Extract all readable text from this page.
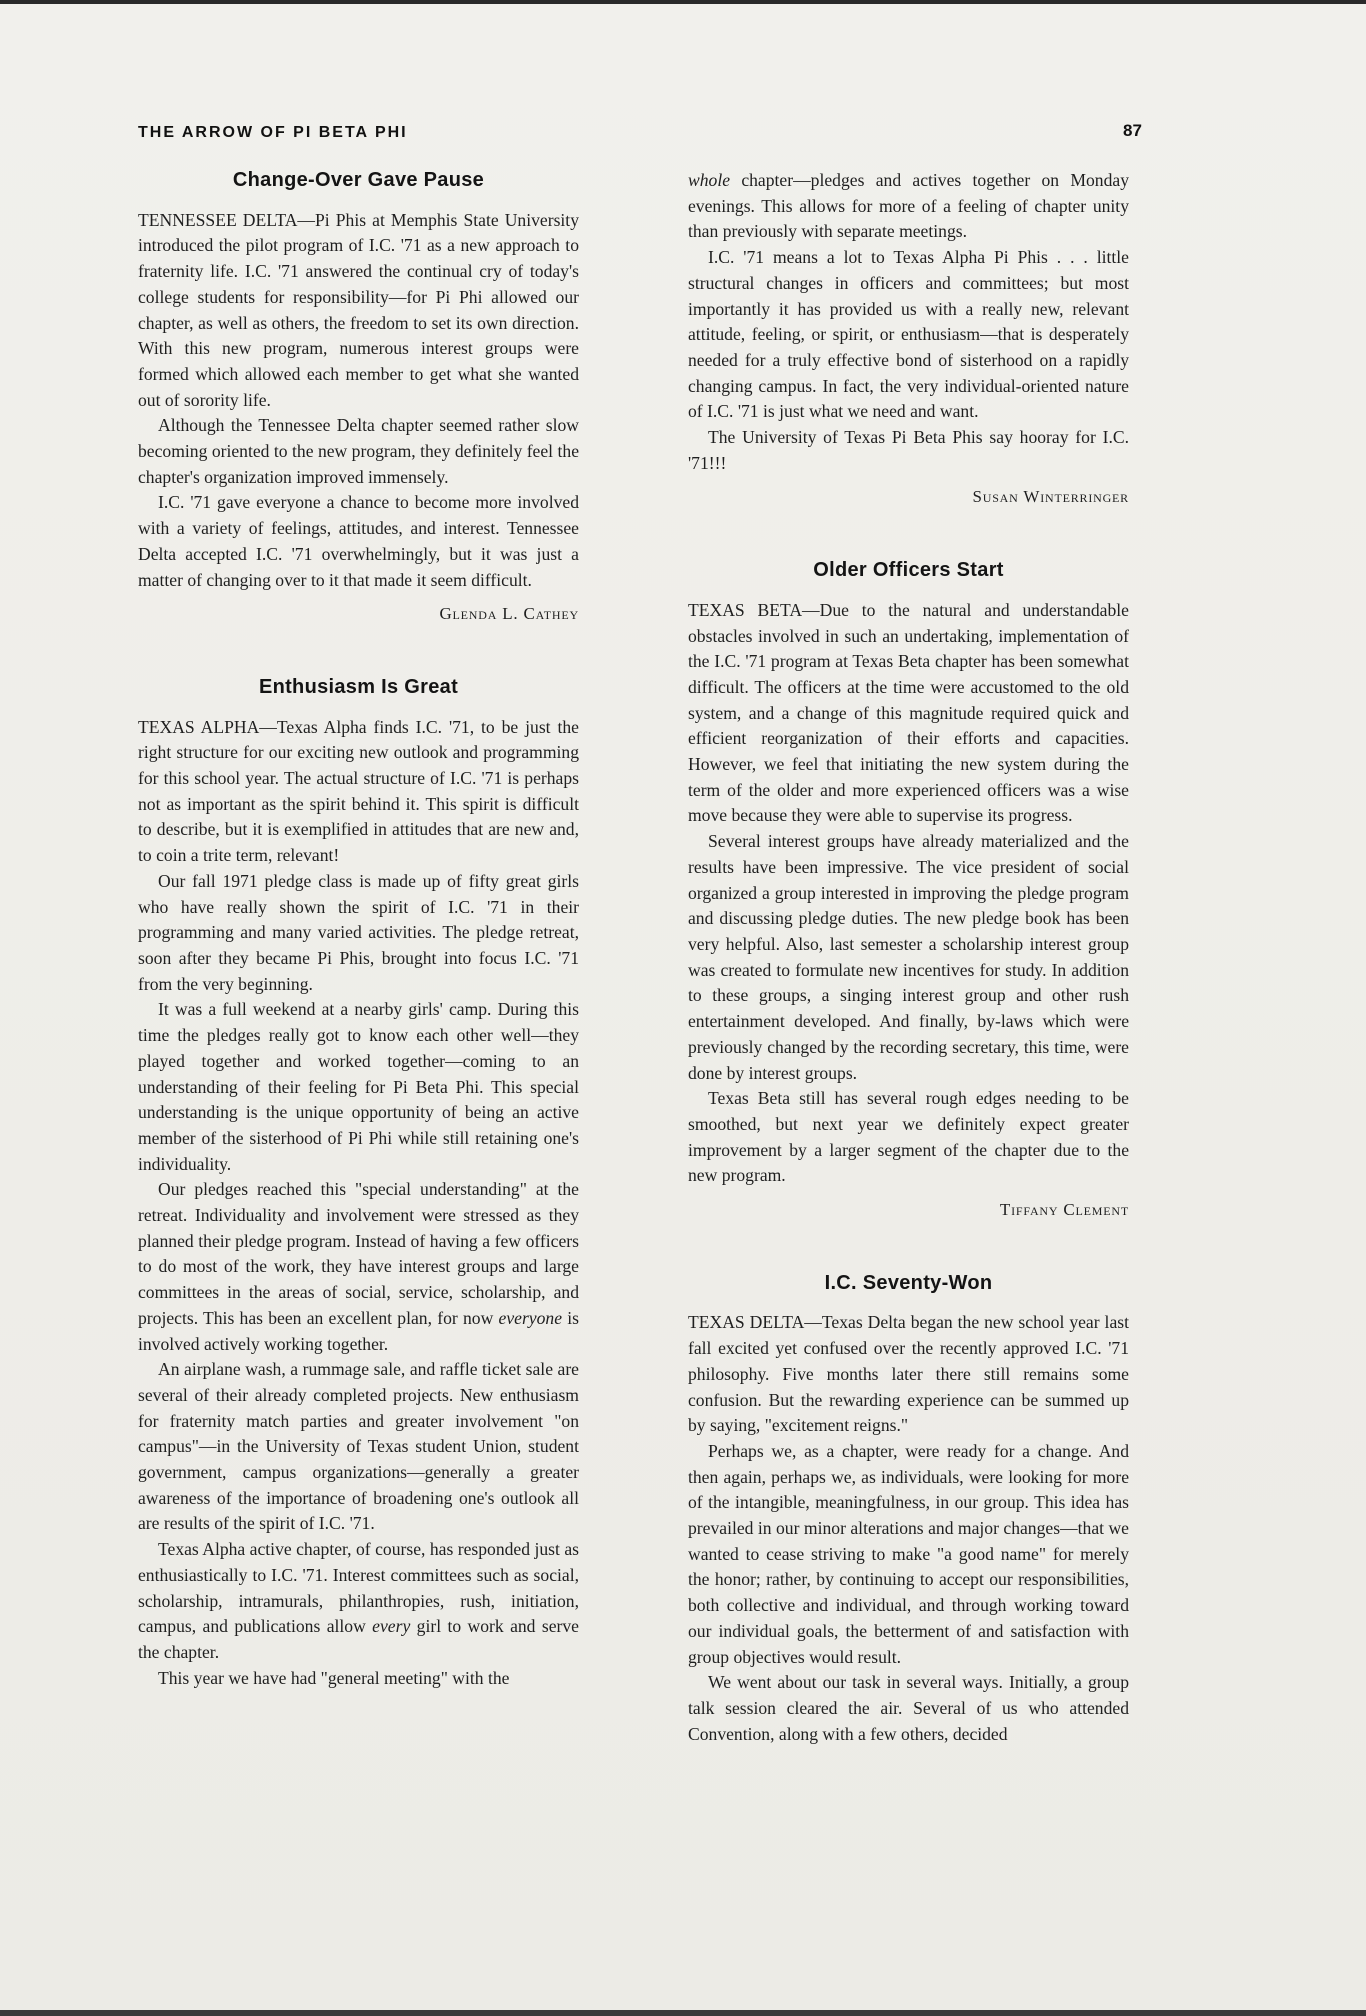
THE ARROW OF PI BETA PHI	87
Change-Over Gave Pause

TENNESSEE DELTA—Pi Phis at Memphis State University introduced the pilot program of I.C. '71 as a new approach to fraternity life. I.C. '71 answered the continual cry of today's college students for responsibility—for Pi Phi allowed our chapter, as well as others, the freedom to set its own direction. With this new program, numerous interest groups were formed which allowed each member to get what she wanted out of sorority life.

Although the Tennessee Delta chapter seemed rather slow becoming oriented to the new program, they definitely feel the chapter's organization improved immensely.

I.C. '71 gave everyone a chance to become more involved with a variety of feelings, attitudes, and interest. Tennessee Delta accepted I.C. '71 overwhelmingly, but it was just a matter of changing over to it that made it seem difficult.

Glenda L. Cathey
Enthusiasm Is Great

TEXAS ALPHA—Texas Alpha finds I.C. '71, to be just the right structure for our exciting new outlook and programming for this school year. The actual structure of I.C. '71 is perhaps not as important as the spirit behind it. This spirit is difficult to describe, but it is exemplified in attitudes that are new and, to coin a trite term, relevant!

Our fall 1971 pledge class is made up of fifty great girls who have really shown the spirit of I.C. '71 in their programming and many varied activities. The pledge retreat, soon after they became Pi Phis, brought into focus I.C. '71 from the very beginning.

It was a full weekend at a nearby girls' camp. During this time the pledges really got to know each other well—they played together and worked together—coming to an understanding of their feeling for Pi Beta Phi. This special understanding is the unique opportunity of being an active member of the sisterhood of Pi Phi while still retaining one's individuality.

Our pledges reached this "special understanding" at the retreat. Individuality and involvement were stressed as they planned their pledge program. Instead of having a few officers to do most of the work, they have interest groups and large committees in the areas of social, service, scholarship, and projects. This has been an excellent plan, for now everyone is involved actively working together.

An airplane wash, a rummage sale, and raffle ticket sale are several of their already completed projects. New enthusiasm for fraternity match parties and greater involvement "on campus"—in the University of Texas student Union, student government, campus organizations—generally a greater awareness of the importance of broadening one's outlook all are results of the spirit of I.C. '71.

Texas Alpha active chapter, of course, has responded just as enthusiastically to I.C. '71. Interest committees such as social, scholarship, intramurals, philanthropies, rush, initiation, campus, and publications allow every girl to work and serve the chapter.

This year we have had "general meeting" with the

whole chapter—pledges and actives together on Monday evenings. This allows for more of a feeling of chapter unity than previously with separate meetings.

I.C. '71 means a lot to Texas Alpha Pi Phis . . . little structural changes in officers and committees; but most importantly it has provided us with a really new, relevant attitude, feeling, or spirit, or enthusiasm—that is desperately needed for a truly effective bond of sisterhood on a rapidly changing campus. In fact, the very individual-oriented nature of I.C. '71 is just what we need and want.

The University of Texas Pi Beta Phis say hooray for I.C. '71!!!

Susan Winterringer
Older Officers Start

TEXAS BETA—Due to the natural and understandable obstacles involved in such an undertaking, implementation of the I.C. '71 program at Texas Beta chapter has been somewhat difficult. The officers at the time were accustomed to the old system, and a change of this magnitude required quick and efficient reorganization of their efforts and capacities. However, we feel that initiating the new system during the term of the older and more experienced officers was a wise move because they were able to supervise its progress.

Several interest groups have already materialized and the results have been impressive. The vice president of social organized a group interested in improving the pledge program and discussing pledge duties. The new pledge book has been very helpful. Also, last semester a scholarship interest group was created to formulate new incentives for study. In addition to these groups, a singing interest group and other rush entertainment developed. And finally, by-laws which were previously changed by the recording secretary, this time, were done by interest groups.

Texas Beta still has several rough edges needing to be smoothed, but next year we definitely expect greater improvement by a larger segment of the chapter due to the new program.

Tiffany Clement
I.C. Seventy-Won

TEXAS DELTA—Texas Delta began the new school year last fall excited yet confused over the recently approved I.C. '71 philosophy. Five months later there still remains some confusion. But the rewarding experience can be summed up by saying, "excitement reigns."

Perhaps we, as a chapter, were ready for a change. And then again, perhaps we, as individuals, were looking for more of the intangible, meaningfulness, in our group. This idea has prevailed in our minor alterations and major changes—that we wanted to cease striving to make "a good name" for merely the honor; rather, by continuing to accept our responsibilities, both collective and individual, and through working toward our individual goals, the betterment of and satisfaction with group objectives would result.

We went about our task in several ways. Initially, a group talk session cleared the air. Several of us who attended Convention, along with a few others, decided
